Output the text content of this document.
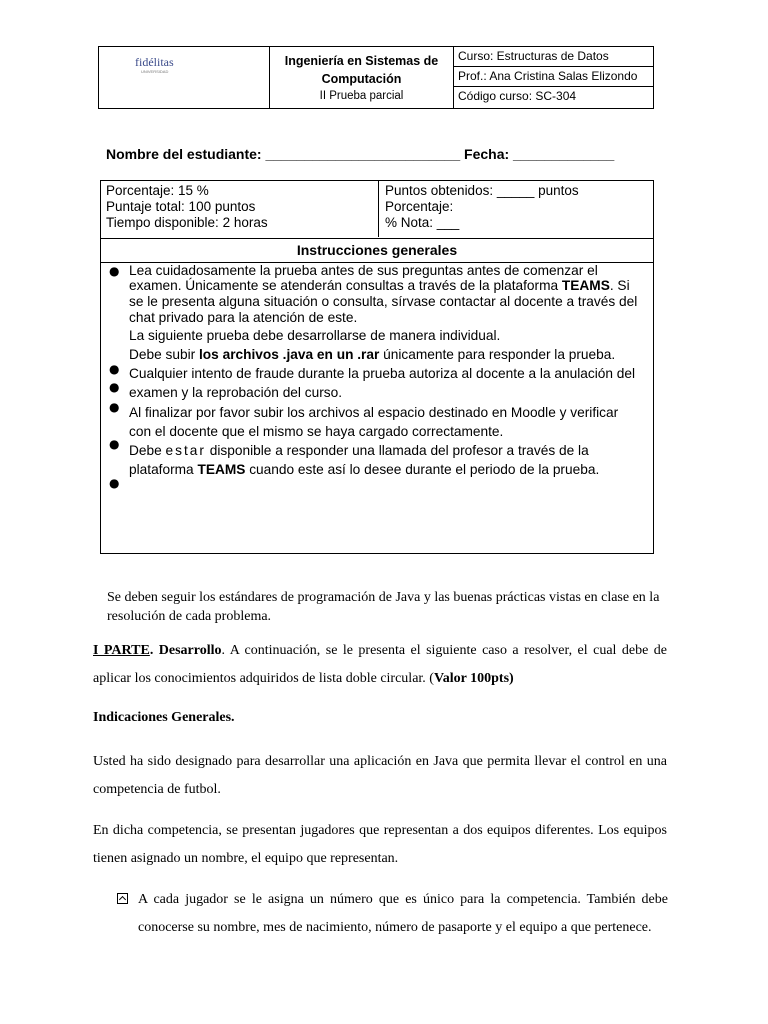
fidélitas
UNIVERSIDAD
Ingeniería en Sistemas de Computación
II Prueba parcial
Curso: Estructuras de Datos
Prof.: Ana Cristina Salas Elizondo
Código curso: SC-304
Nombre del estudiante: _________________________ Fecha: _____________
Porcentaje: 15 %
Puntaje total: 100 puntos
Tiempo disponible: 2 horas
Puntos obtenidos: _____ puntos
Porcentaje:
% Nota: ___
Instrucciones generales
● Lea cuidadosamente la prueba antes de sus preguntas antes de comenzar el
examen. Únicamente se atenderán consultas a través de la plataforma TEAMS. Si
se le presenta alguna situación o consulta, sírvase contactar al docente a través del
chat privado para la atención de este.
La siguiente prueba debe desarrollarse de manera individual.
Debe subir los archivos .java en un .rar únicamente para responder la prueba.
● Cualquier intento de fraude durante la prueba autoriza al docente a la anulación del
● examen y la reprobación del curso.
● Al finalizar por favor subir los archivos al espacio destinado en Moodle y verificar
con el docente que el mismo se haya cargado correctamente.
● Debe estar disponible a responder una llamada del profesor a través de la
plataforma TEAMS cuando este así lo desee durante el periodo de la prueba.
●
Se deben seguir los estándares de programación de Java y las buenas prácticas vistas en clase en la resolución de cada problema.
I PARTE. Desarrollo. A continuación, se le presenta el siguiente caso a resolver, el cual debe de aplicar los conocimientos adquiridos de lista doble circular. (Valor 100pts)
Indicaciones Generales.
Usted ha sido designado para desarrollar una aplicación en Java que permita llevar el control en una competencia de futbol.
En dicha competencia, se presentan jugadores que representan a dos equipos diferentes. Los equipos tienen asignado un nombre, el equipo que representan.
A cada jugador se le asigna un número que es único para la competencia. También debe conocerse su nombre, mes de nacimiento, número de pasaporte y el equipo a que pertenece.
